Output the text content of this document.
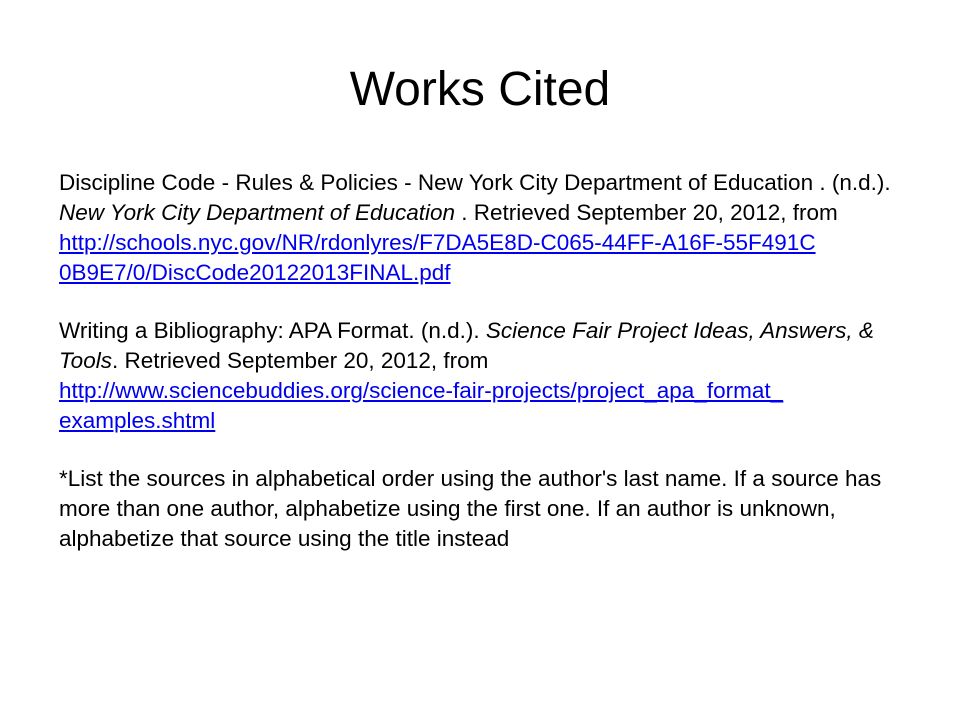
Works Cited

Discipline Code - Rules & Policies - New York City Department of Education . (n.d.). New York City Department of Education . Retrieved September 20, 2012, from
http://schools.nyc.gov/NR/rdonlyres/F7DA5E8D-C065-44FF-A16F-55F491C0B9E7/0/DiscCode20122013FINAL.pdf

Writing a Bibliography: APA Format. (n.d.). Science Fair Project Ideas, Answers, & Tools. Retrieved September 20, 2012, from
http://www.sciencebuddies.org/science-fair-projects/project_apa_format_examples.shtml

*List the sources in alphabetical order using the author's last name. If a source has more than one author, alphabetize using the first one. If an author is unknown, alphabetize that source using the title instead
